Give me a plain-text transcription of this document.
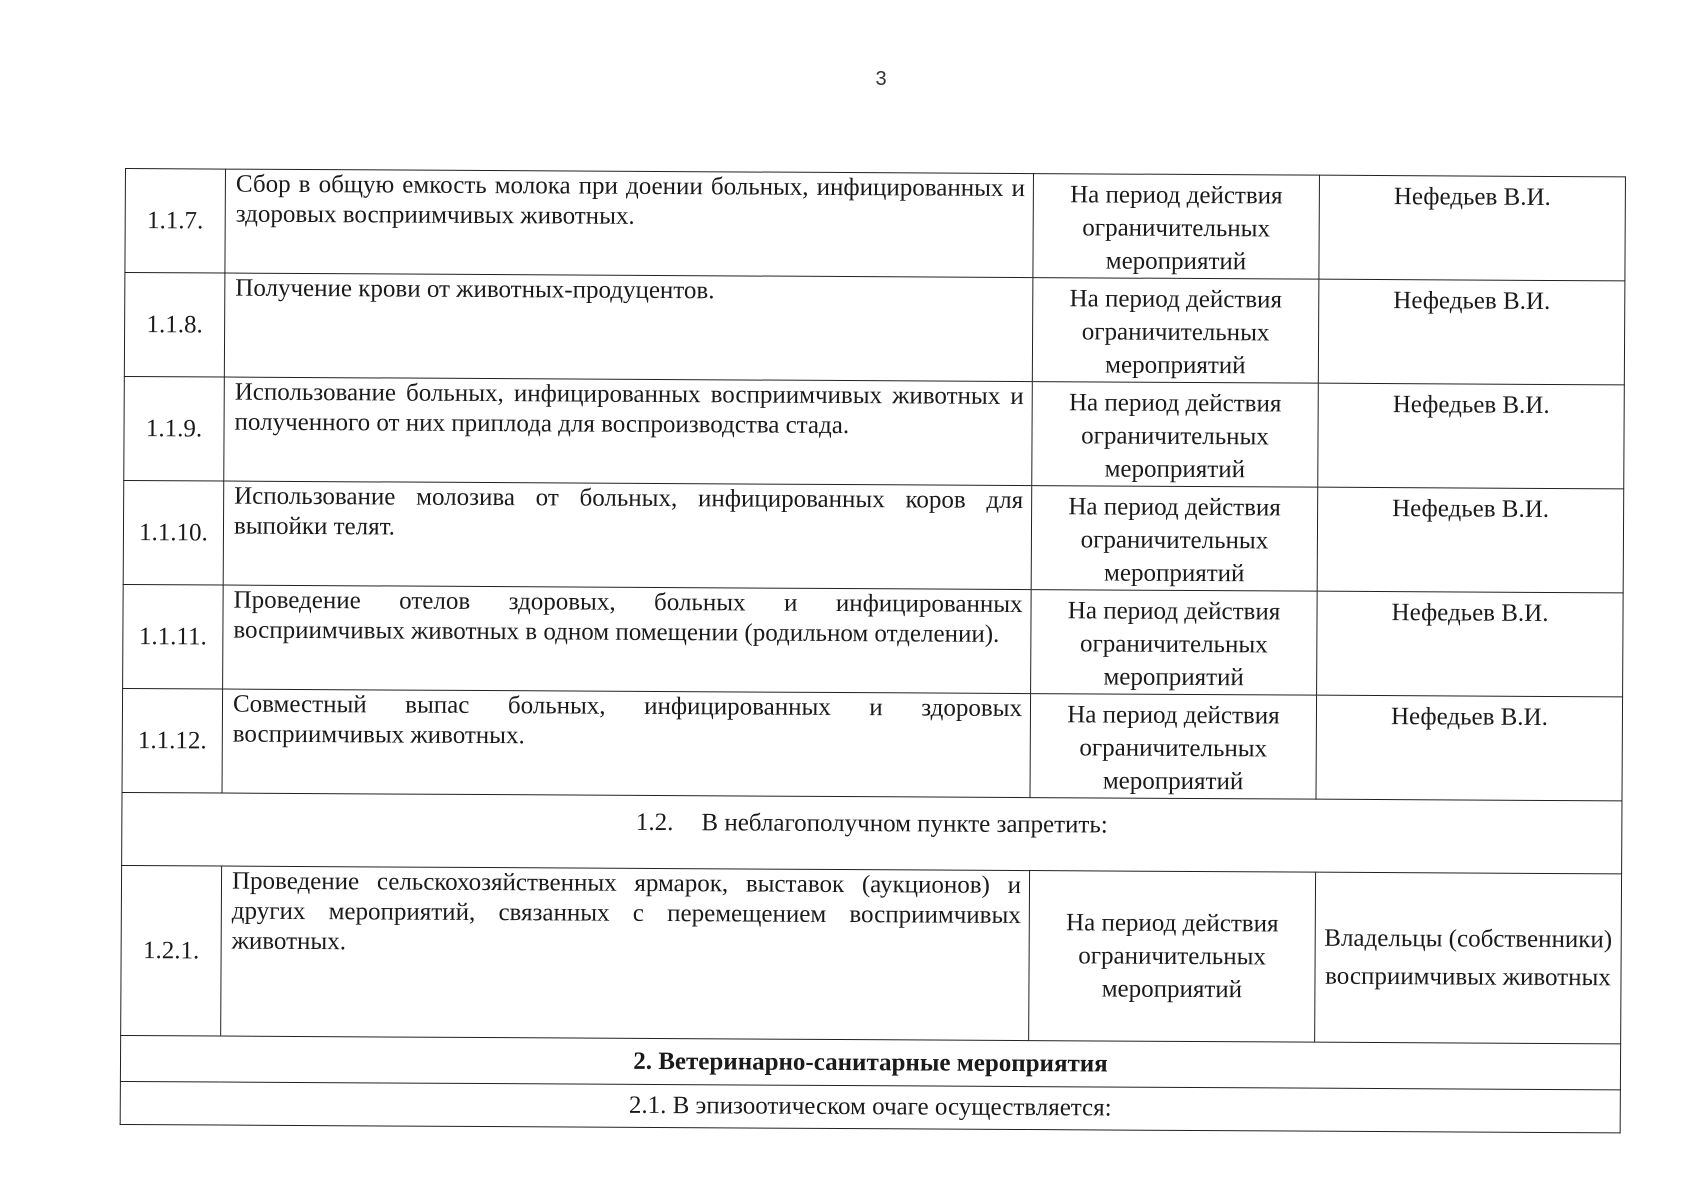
3
1.1.7.	Сбор в общую емкость молока при доении больных, инфицированных и здоровых восприимчивых животных.	На период действия ограничительных мероприятий	Нефедьев В.И.
1.1.8.	Получение крови от животных-продуцентов.	На период действия ограничительных мероприятий	Нефедьев В.И.
1.1.9.	Использование больных, инфицированных восприимчивых животных и полученного от них приплода для воспроизводства стада.	На период действия ограничительных мероприятий	Нефедьев В.И.
1.1.10.	Использование молозива от больных, инфицированных коров для выпойки телят.	На период действия ограничительных мероприятий	Нефедьев В.И.
1.1.11.	Проведение отелов здоровых, больных и инфицированных восприимчивых животных в одном помещении (родильном отделении).	На период действия ограничительных мероприятий	Нефедьев В.И.
1.1.12.	Совместный выпас больных, инфицированных и здоровых восприимчивых животных.	На период действия ограничительных мероприятий	Нефедьев В.И.
1.2. В неблагополучном пункте запретить:			
1.2.1.	Проведение сельскохозяйственных ярмарок, выставок (аукционов) и других мероприятий, связанных с перемещением восприимчивых животных.	На период действия ограничительных мероприятий	Владельцы (собственники) восприимчивых животных
2. Ветеринарно-санитарные мероприятия			
2.1. В эпизоотическом очаге осуществляется:			
